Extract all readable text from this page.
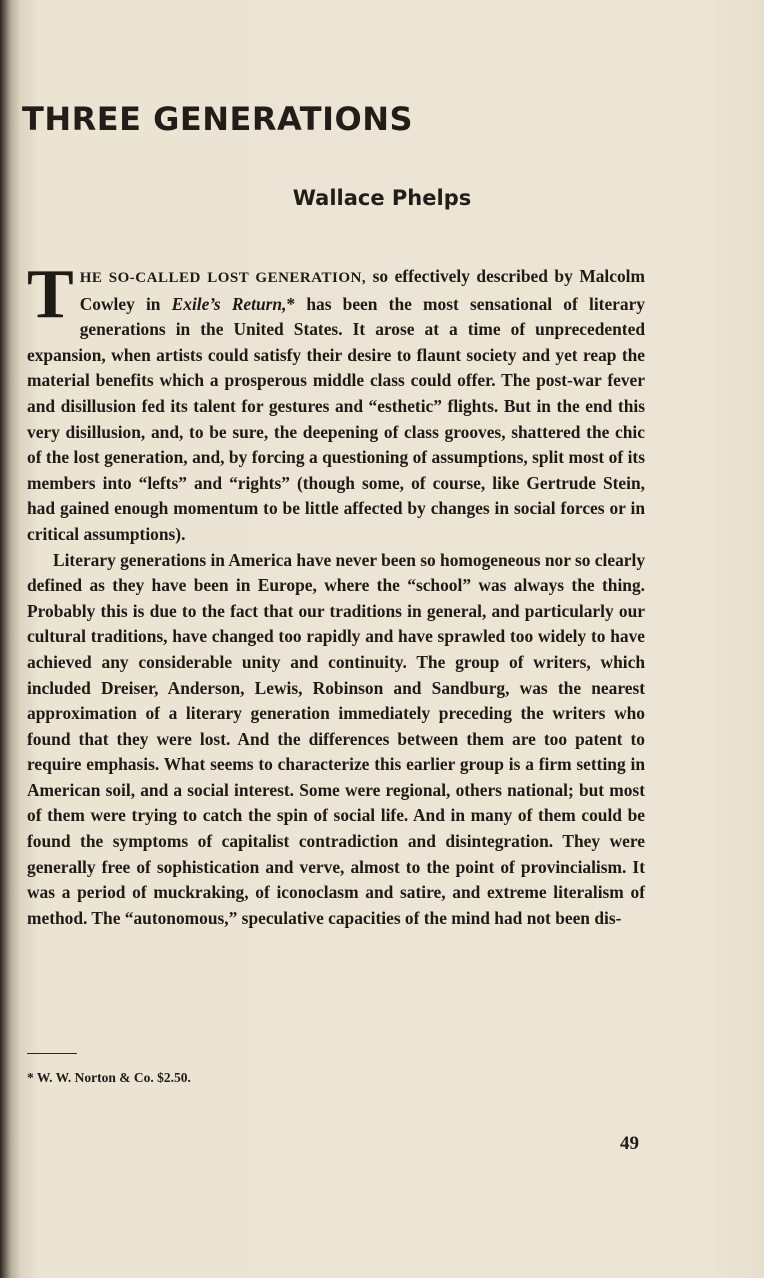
THREE GENERATIONS
Wallace Phelps

THE SO-CALLED LOST GENERATION, so effectively described by Malcolm Cowley in Exile’s Return,* has been the most sensational of literary generations in the United States. It arose at a time of unprecedented expansion, when artists could satisfy their desire to flaunt society and yet reap the material benefits which a prosperous middle class could offer. The post-war fever and disillusion fed its talent for gestures and “esthetic” flights. But in the end this very disillusion, and, to be sure, the deepening of class grooves, shattered the chic of the lost generation, and, by forcing a questioning of assumptions, split most of its members into “lefts” and “rights” (though some, of course, like Gertrude Stein, had gained enough momentum to be little affected by changes in social forces or in critical assumptions).

Literary generations in America have never been so homogeneous nor so clearly defined as they have been in Europe, where the “school” was always the thing. Probably this is due to the fact that our traditions in general, and particularly our cultural traditions, have changed too rapidly and have sprawled too widely to have achieved any considerable unity and continuity. The group of writers, which included Dreiser, Anderson, Lewis, Robinson and Sandburg, was the nearest approximation of a literary generation immediately preceding the writers who found that they were lost. And the differences between them are too patent to require emphasis. What seems to characterize this earlier group is a firm setting in American soil, and a social interest. Some were regional, others national; but most of them were trying to catch the spin of social life. And in many of them could be found the symptoms of capitalist contradiction and disintegration. They were generally free of sophistication and verve, almost to the point of provincialism. It was a period of muckraking, of iconoclasm and satire, and extreme literalism of method. The “autonomous,” speculative capacities of the mind had not been dis-

* W. W. Norton & Co. $2.50.
49
